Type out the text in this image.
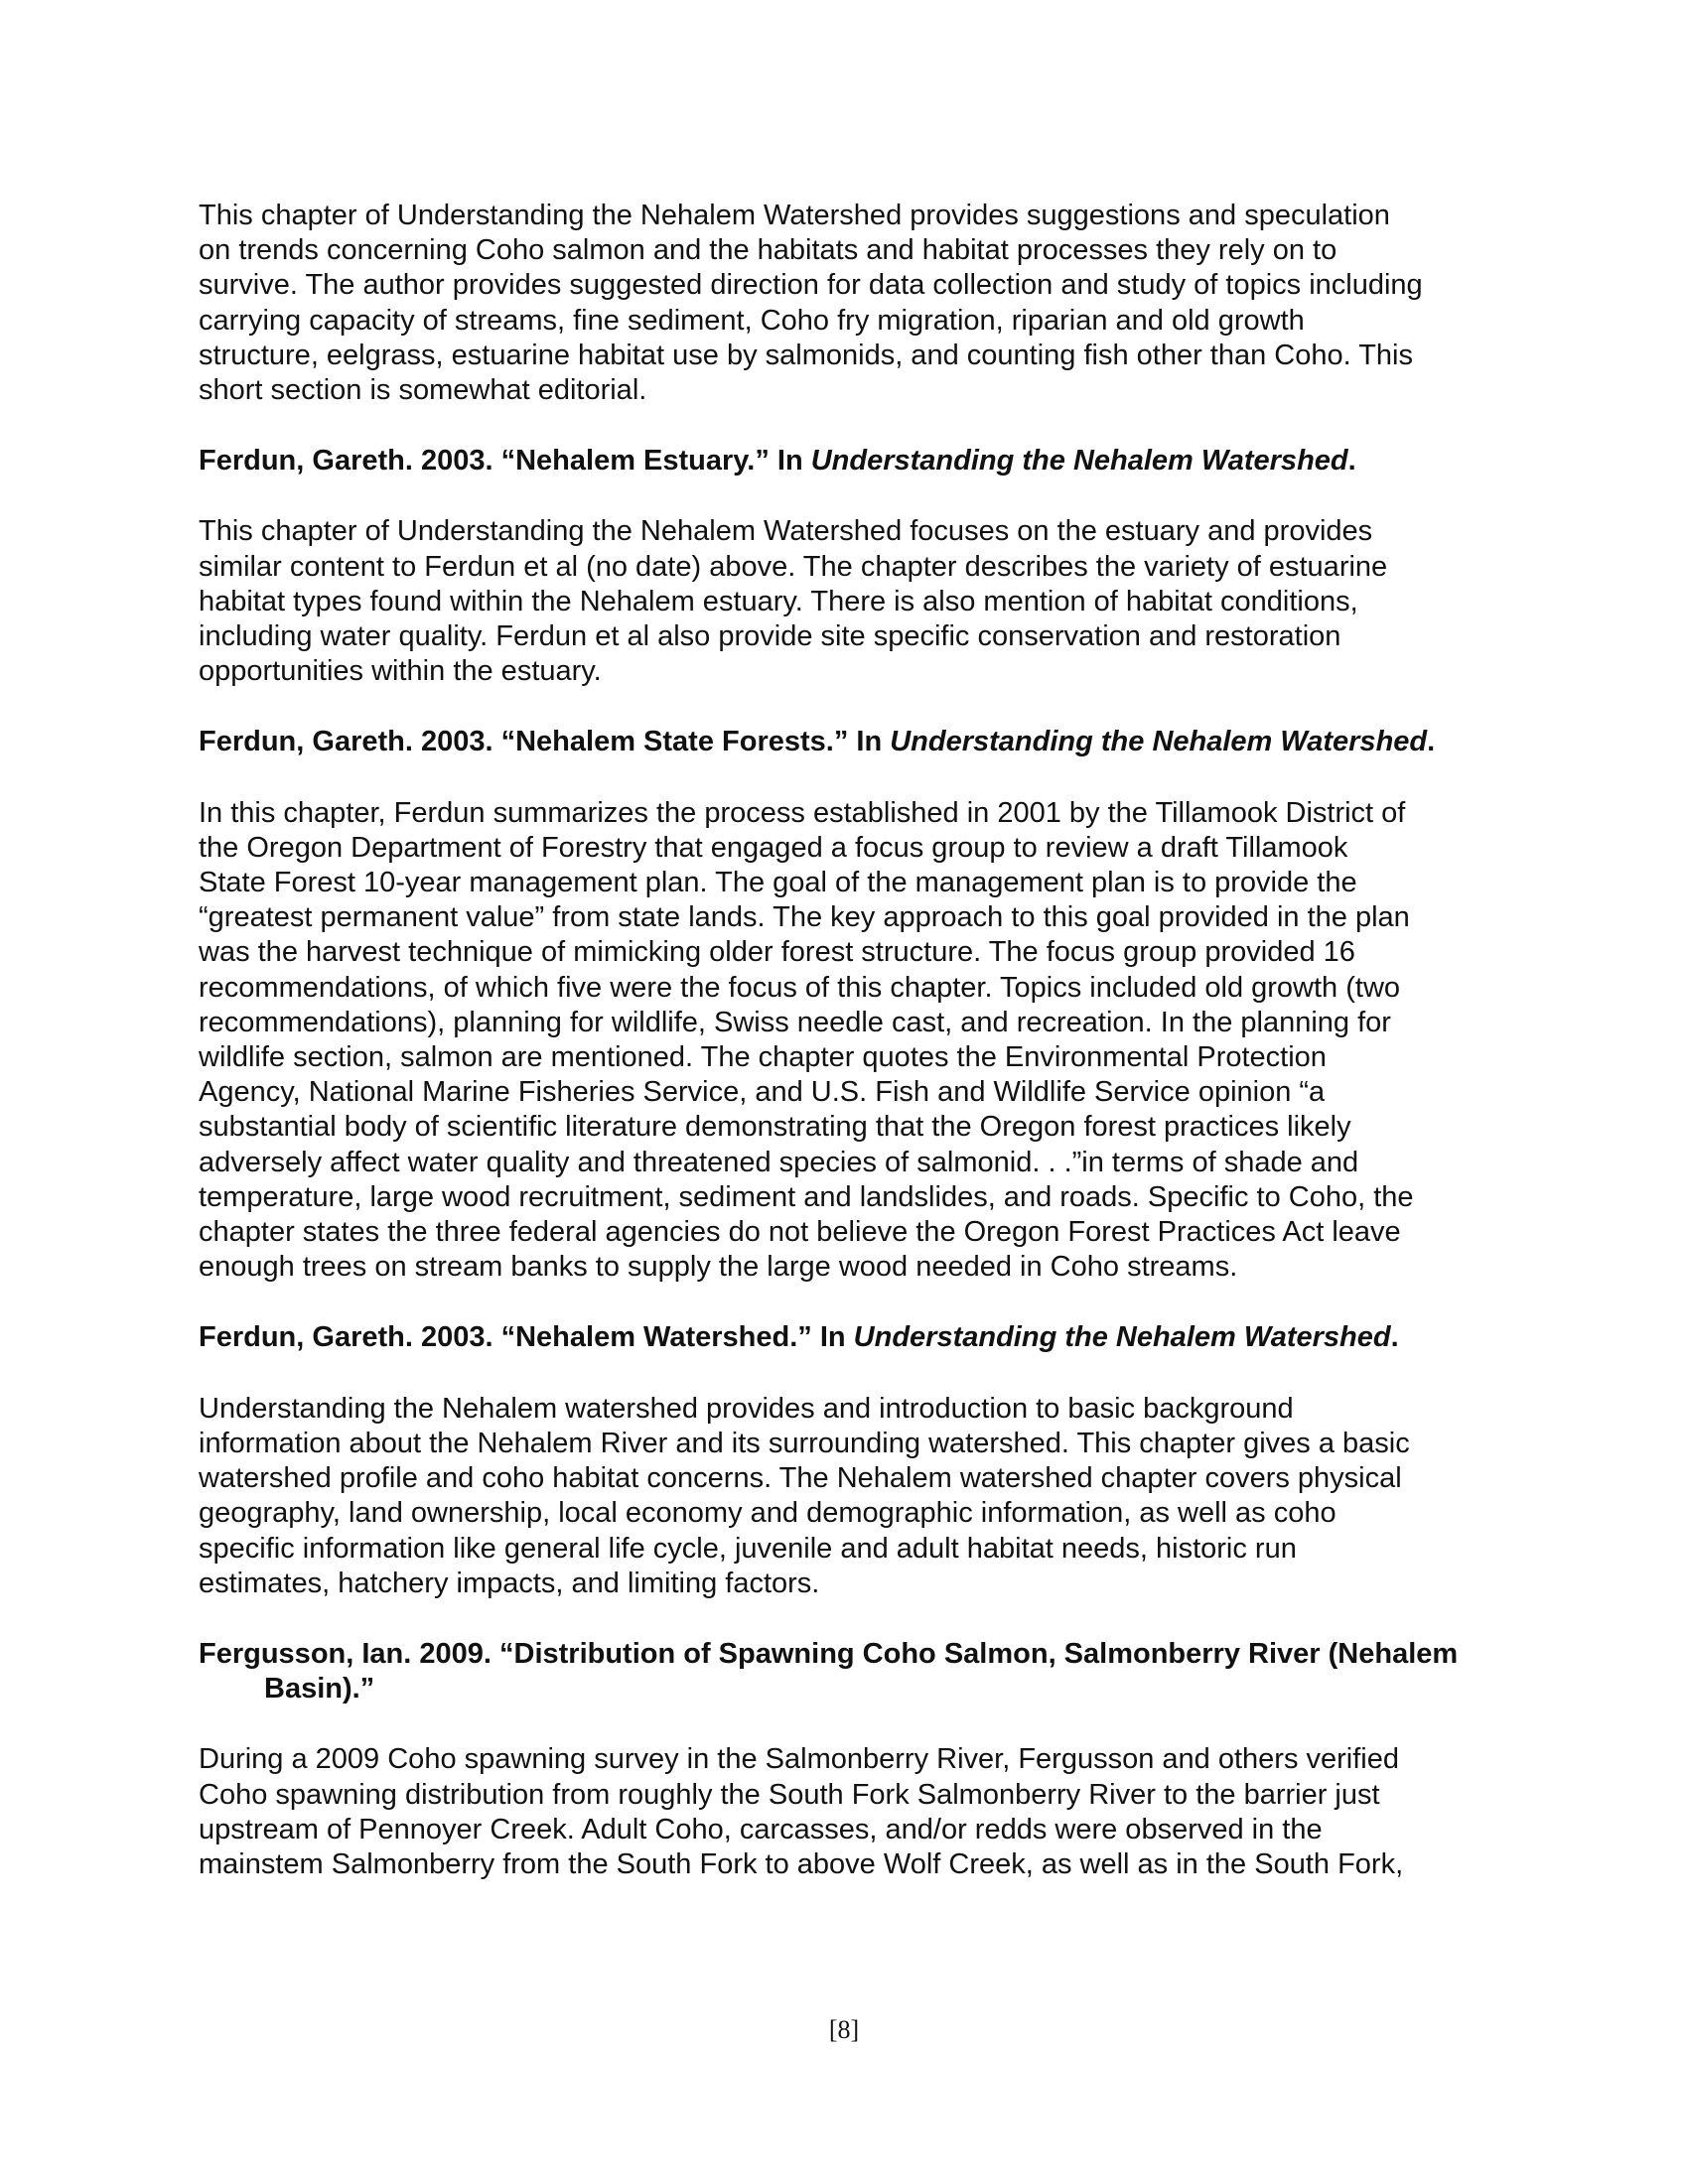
This chapter of Understanding the Nehalem Watershed provides suggestions and speculation
on trends concerning Coho salmon and the habitats and habitat processes they rely on to
survive. The author provides suggested direction for data collection and study of topics including
carrying capacity of streams, fine sediment, Coho fry migration, riparian and old growth
structure, eelgrass, estuarine habitat use by salmonids, and counting fish other than Coho. This
short section is somewhat editorial.

Ferdun, Gareth. 2003. “Nehalem Estuary.” In Understanding the Nehalem Watershed.

This chapter of Understanding the Nehalem Watershed focuses on the estuary and provides
similar content to Ferdun et al (no date) above. The chapter describes the variety of estuarine
habitat types found within the Nehalem estuary. There is also mention of habitat conditions,
including water quality. Ferdun et al also provide site specific conservation and restoration
opportunities within the estuary.

Ferdun, Gareth. 2003. “Nehalem State Forests.” In Understanding the Nehalem Watershed.

In this chapter, Ferdun summarizes the process established in 2001 by the Tillamook District of
the Oregon Department of Forestry that engaged a focus group to review a draft Tillamook
State Forest 10-year management plan. The goal of the management plan is to provide the
“greatest permanent value” from state lands. The key approach to this goal provided in the plan
was the harvest technique of mimicking older forest structure. The focus group provided 16
recommendations, of which five were the focus of this chapter. Topics included old growth (two
recommendations), planning for wildlife, Swiss needle cast, and recreation. In the planning for
wildlife section, salmon are mentioned. The chapter quotes the Environmental Protection
Agency, National Marine Fisheries Service, and U.S. Fish and Wildlife Service opinion “a
substantial body of scientific literature demonstrating that the Oregon forest practices likely
adversely affect water quality and threatened species of salmonid. . .”in terms of shade and
temperature, large wood recruitment, sediment and landslides, and roads. Specific to Coho, the
chapter states the three federal agencies do not believe the Oregon Forest Practices Act leave
enough trees on stream banks to supply the large wood needed in Coho streams.

Ferdun, Gareth. 2003. “Nehalem Watershed.” In Understanding the Nehalem Watershed.

Understanding the Nehalem watershed provides and introduction to basic background
information about the Nehalem River and its surrounding watershed. This chapter gives a basic
watershed profile and coho habitat concerns. The Nehalem watershed chapter covers physical
geography, land ownership, local economy and demographic information, as well as coho
specific information like general life cycle, juvenile and adult habitat needs, historic run
estimates, hatchery impacts, and limiting factors.

Fergusson, Ian. 2009. “Distribution of Spawning Coho Salmon, Salmonberry River (Nehalem Basin).”

During a 2009 Coho spawning survey in the Salmonberry River, Fergusson and others verified
Coho spawning distribution from roughly the South Fork Salmonberry River to the barrier just
upstream of Pennoyer Creek. Adult Coho, carcasses, and/or redds were observed in the
mainstem Salmonberry from the South Fork to above Wolf Creek, as well as in the South Fork,

[8]
